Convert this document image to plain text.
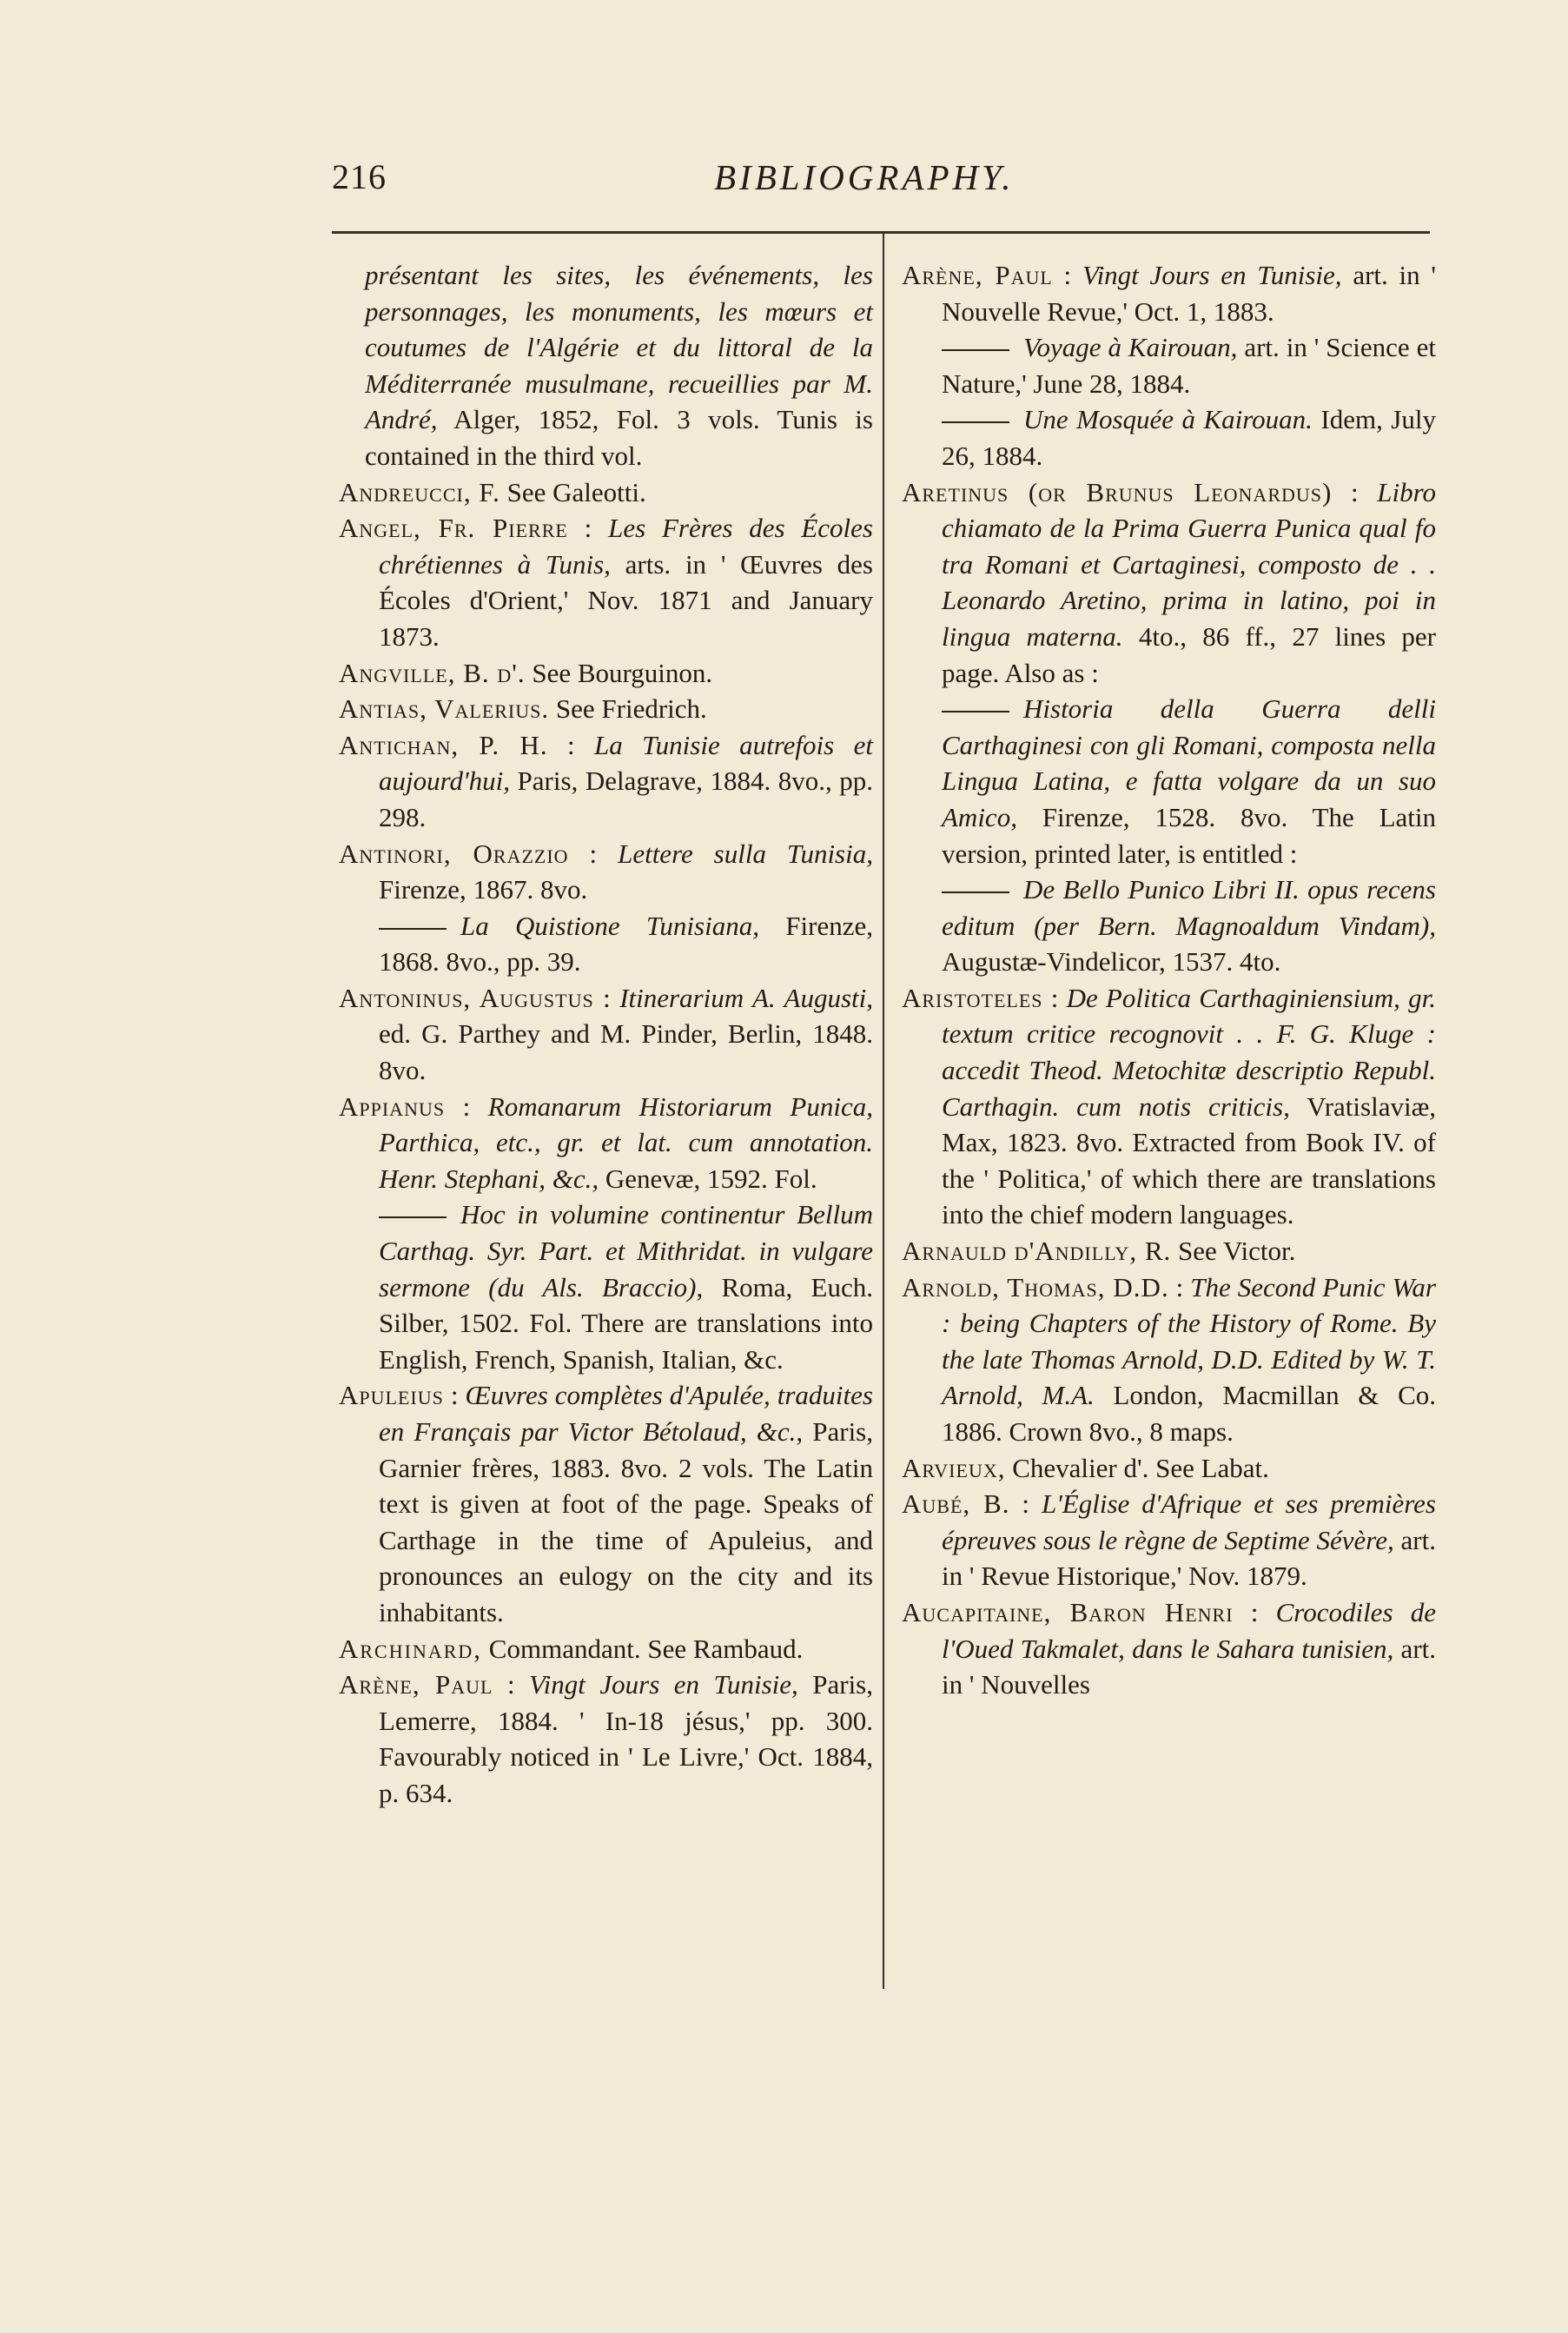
216	BIBLIOGRAPHY.

présentant les sites, les événements, les personnages, les monuments, les mœurs et coutumes de l'Algérie et du littoral de la Méditerranée musulmane, recueillies par M. André, Alger, 1852, Fol. 3 vols. Tunis is contained in the third vol.

Andreucci, F. See Galeotti.

Angel, Fr. Pierre : Les Frères des Écoles chrétiennes à Tunis, arts. in ' Œuvres des Écoles d'Orient,' Nov. 1871 and January 1873.

Angville, B. d'. See Bourguinon.

Antias, Valerius. See Friedrich.

Antichan, P. H. : La Tunisie autrefois et aujourd'hui, Paris, Delagrave, 1884. 8vo., pp. 298.

Antinori, Orazzio : Lettere sulla Tunisia, Firenze, 1867. 8vo.

La Quistione Tunisiana, Firenze, 1868. 8vo., pp. 39.

Antoninus, Augustus : Itinerarium A. Augusti, ed. G. Parthey and M. Pinder, Berlin, 1848. 8vo.

Appianus : Romanarum Historiarum Punica, Parthica, etc., gr. et lat. cum annotation. Henr. Stephani, &c., Genevæ, 1592. Fol.

Hoc in volumine continentur Bellum Carthag. Syr. Part. et Mithridat. in vulgare sermone (du Als. Braccio), Roma, Euch. Silber, 1502. Fol. There are translations into English, French, Spanish, Italian, &c.

Apuleius : Œuvres complètes d'Apulée, traduites en Français par Victor Bétolaud, &c., Paris, Garnier frères, 1883. 8vo. 2 vols. The Latin text is given at foot of the page. Speaks of Carthage in the time of Apuleius, and pronounces an eulogy on the city and its inhabitants.

Archinard, Commandant. See Rambaud.

Arène, Paul : Vingt Jours en Tunisie, Paris, Lemerre, 1884. ' In-18 jésus,' pp. 300. Favourably noticed in ' Le Livre,' Oct. 1884, p. 634.

Arène, Paul : Vingt Jours en Tunisie, art. in ' Nouvelle Revue,' Oct. 1, 1883.

Voyage à Kairouan, art. in ' Science et Nature,' June 28, 1884.

Une Mosquée à Kairouan. Idem, July 26, 1884.

Aretinus (or Brunus Leonardus) : Libro chiamato de la Prima Guerra Punica qual fo tra Romani et Cartaginesi, composto de . . Leonardo Aretino, prima in latino, poi in lingua materna. 4to., 86 ff., 27 lines per page. Also as :

Historia della Guerra delli Carthaginesi con gli Romani, composta nella Lingua Latina, e fatta volgare da un suo Amico, Firenze, 1528. 8vo. The Latin version, printed later, is entitled :

De Bello Punico Libri II. opus recens editum (per Bern. Magnoaldum Vindam), Augustæ-Vindelicor, 1537. 4to.

Aristoteles : De Politica Carthaginiensium, gr. textum critice recognovit . . F. G. Kluge : accedit Theod. Metochitæ descriptio Republ. Carthagin. cum notis criticis, Vratislaviæ, Max, 1823. 8vo. Extracted from Book IV. of the ' Politica,' of which there are translations into the chief modern languages.

Arnauld d'Andilly, R. See Victor.

Arnold, Thomas, D.D. : The Second Punic War : being Chapters of the History of Rome. By the late Thomas Arnold, D.D. Edited by W. T. Arnold, M.A. London, Macmillan & Co. 1886. Crown 8vo., 8 maps.

Arvieux, Chevalier d'. See Labat.

Aubé, B. : L'Église d'Afrique et ses premières épreuves sous le règne de Septime Sévère, art. in ' Revue Historique,' Nov. 1879.

Aucapitaine, Baron Henri : Crocodiles de l'Oued Takmalet, dans le Sahara tunisien, art. in ' Nouvelles
